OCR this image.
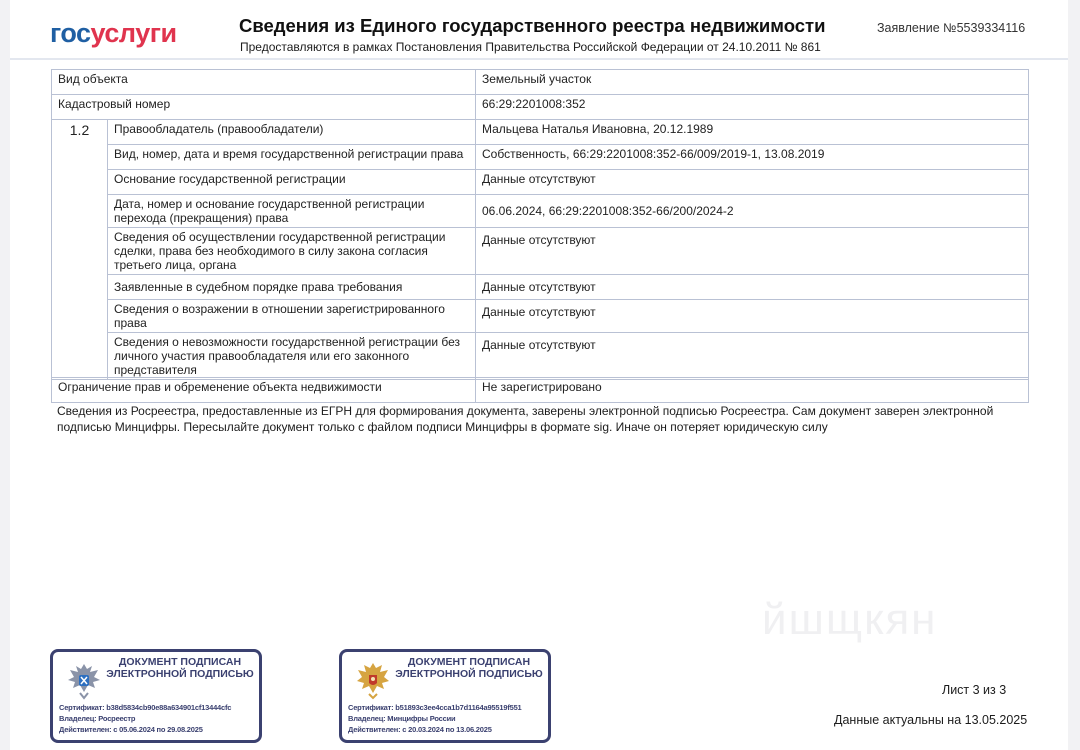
госуслуги	Сведения из Единого государственного реестра недвижимости
Предоставляются в рамках Постановления Правительства Российской Федерации от 24.10.2011 № 861
Заявление №5539334116
Вид объекта		Земельный участок
Кадастровый номер		66:29:2201008:352
1.2	Правообладатель (правообладатели)	Мальцева Наталья Ивановна, 20.12.1989
	Вид, номер, дата и время государственной регистрации права	Собственность, 66:29:2201008:352-66/009/2019-1, 13.08.2019
	Основание государственной регистрации	Данные отсутствуют
	Дата, номер и основание государственной регистрации перехода (прекращения) права	06.06.2024, 66:29:2201008:352-66/200/2024-2
	Сведения об осуществлении государственной регистрации сделки, права без необходимого в силу закона согласия третьего лица, органа	Данные отсутствуют
	Заявленные в судебном порядке права требования	Данные отсутствуют
	Сведения о возражении в отношении зарегистрированного права	Данные отсутствуют
	Сведения о невозможности государственной регистрации без личного участия правообладателя или его законного представителя	Данные отсутствуют
Ограничение прав и обременение объекта недвижимости	Не зарегистрировано
Сведения из Росреестра, предоставленные из ЕГРН для формирования документа, заверены электронной подписью Росреестра. Сам документ заверен электронной подписью Минцифры. Пересылайте документ только с файлом подписи Минцифры в формате sig. Иначе он потеряет юридическую силу
йшщкян
ДОКУМЕНТ ПОДПИСАН ЭЛЕКТРОННОЙ ПОДПИСЬЮ
Сертификат: b38d5834cb90e88a634901cf13444cfc
Владелец: Росреестр
Действителен: с 05.06.2024 по 29.08.2025
ДОКУМЕНТ ПОДПИСАН ЭЛЕКТРОННОЙ ПОДПИСЬЮ
Сертификат: b51893c3ee4cca1b7d1164a95519f551
Владелец: Минцифры России
Действителен: с 20.03.2024 по 13.06.2025
Лист 3 из 3
Данные актуальны на 13.05.2025
